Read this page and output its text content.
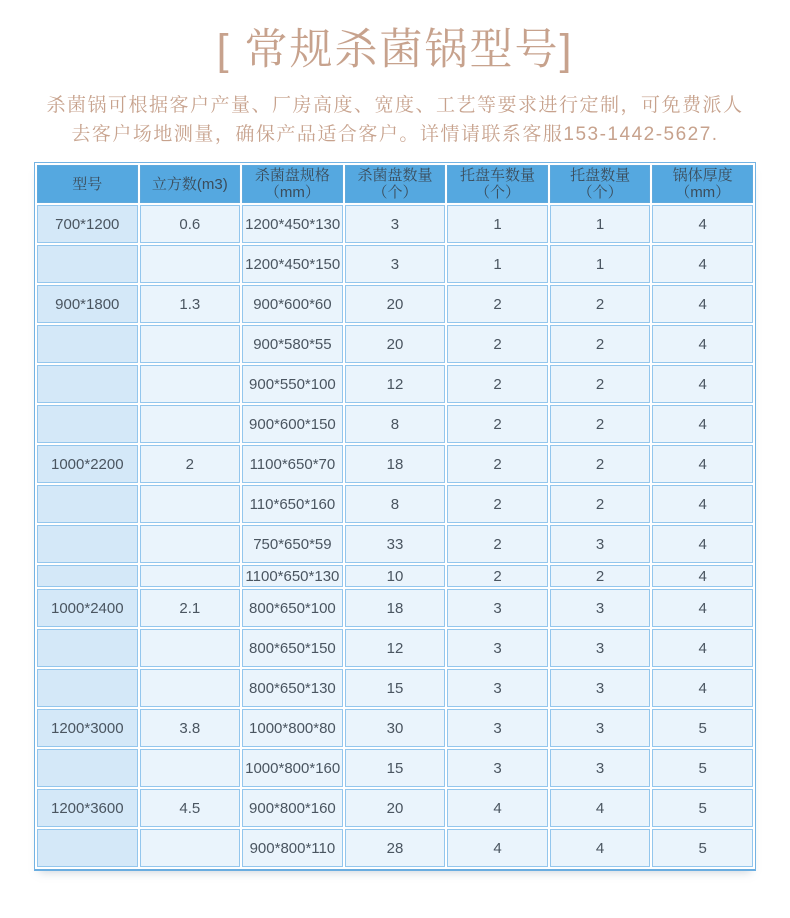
[ 常规杀菌锅型号]

杀菌锅可根据客户产量、厂房高度、宽度、工艺等要求进行定制，可免费派人
去客户场地测量，确保产品适合客户。详情请联系客服153-1442-5627.

型号	立方数(m3)	杀菌盘规格（mm）	杀菌盘数量（个）	托盘车数量（个）	托盘数量（个）	锅体厚度（mm）
700*1200	0.6	1200*450*130	3	1	1	4
		1200*450*150	3	1	1	4
900*1800	1.3	900*600*60	20	2	2	4
		900*580*55	20	2	2	4
		900*550*100	12	2	2	4
		900*600*150	8	2	2	4
1000*2200	2	1100*650*70	18	2	2	4
		110*650*160	8	2	2	4
		750*650*59	33	2	3	4
		1100*650*130	10	2	2	4
1000*2400	2.1	800*650*100	18	3	3	4
		800*650*150	12	3	3	4
		800*650*130	15	3	3	4
1200*3000	3.8	1000*800*80	30	3	3	5
		1000*800*160	15	3	3	5
1200*3600	4.5	900*800*160	20	4	4	5
		900*800*110	28	4	4	5
